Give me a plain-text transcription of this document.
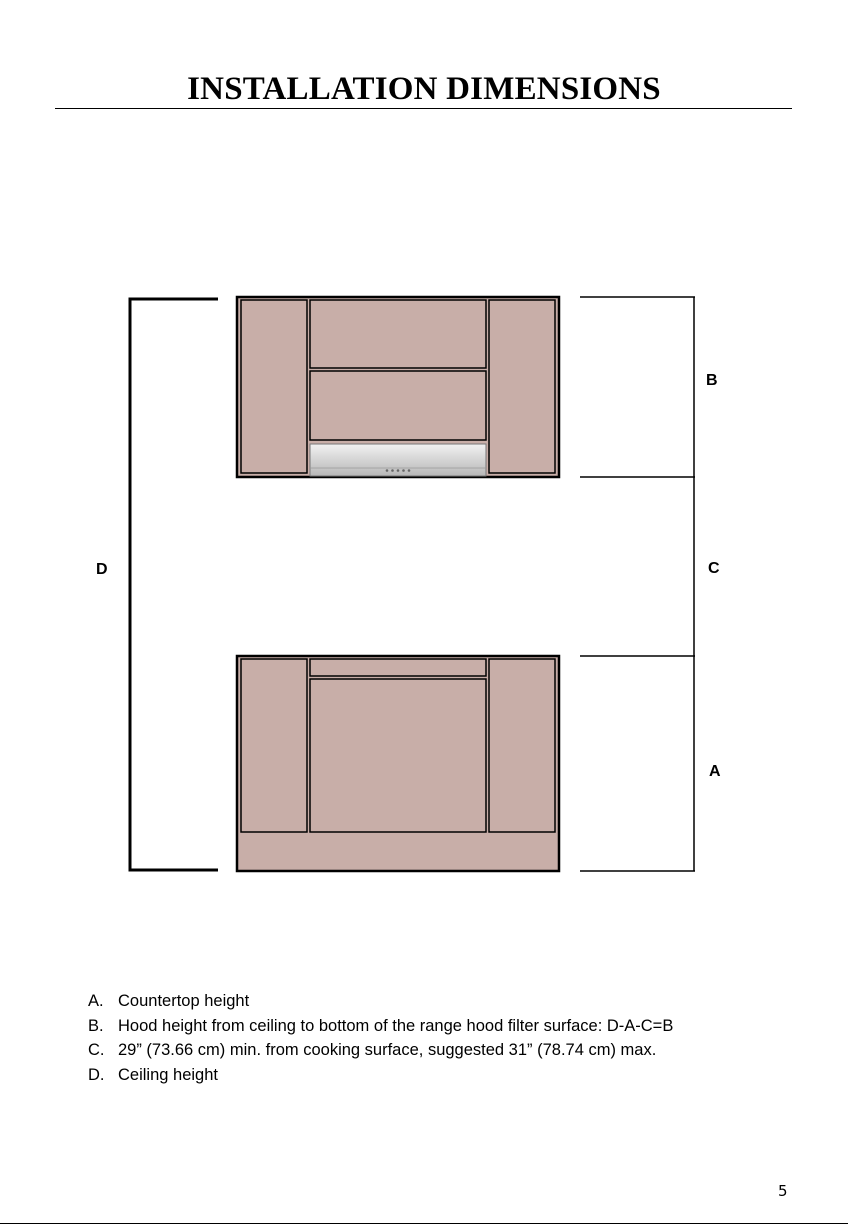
INSTALLATION DIMENSIONS
B
C
A
D
A. Countertop height
B. Hood height from ceiling to bottom of the range hood filter surface: D-A-C=B
C. 29” (73.66 cm) min. from cooking surface, suggested 31” (78.74 cm) max.
D. Ceiling height
5
